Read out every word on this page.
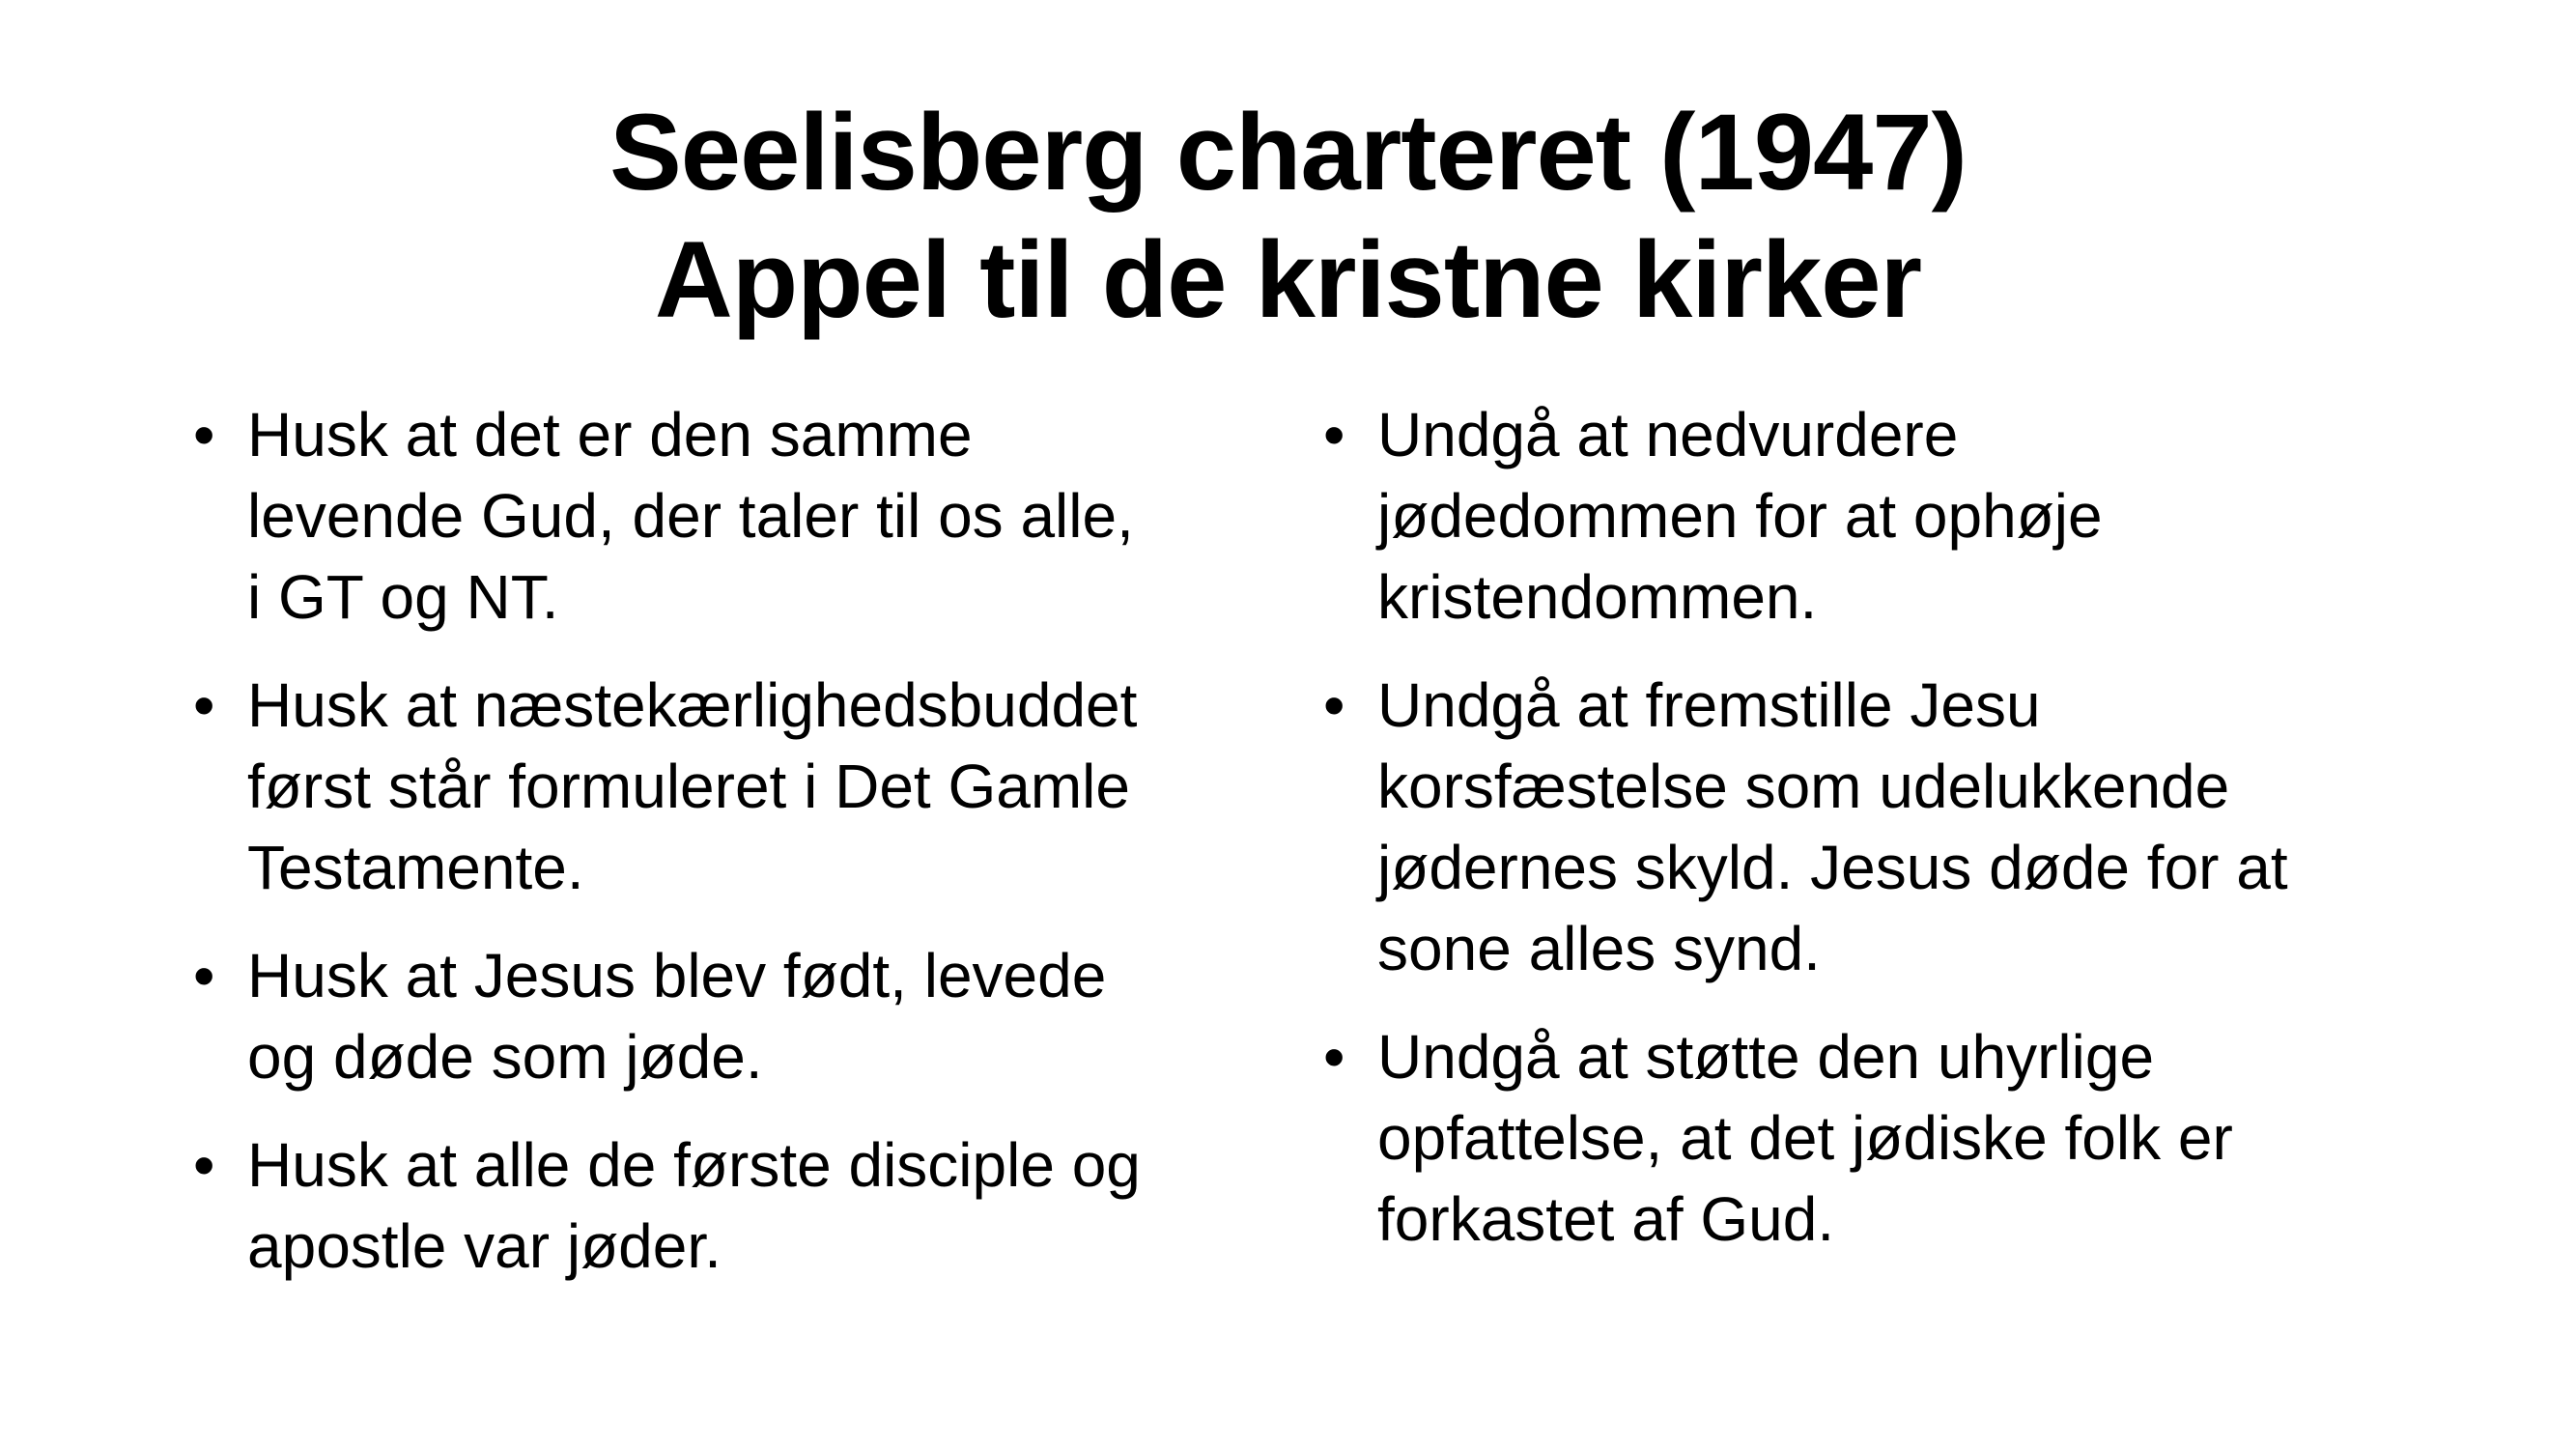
Seelisberg charteret (1947)
Appel til de kristne kirker
• Husk at det er den samme
levende Gud, der taler til os alle,
i GT og NT.
• Husk at næstekærlighedsbuddet
først står formuleret i Det Gamle
Testamente.
• Husk at Jesus blev født, levede
og døde som jøde.
• Husk at alle de første disciple og
apostle var jøder.
• Undgå at nedvurdere
jødedommen for at ophøje
kristendommen.
• Undgå at fremstille Jesu
korsfæstelse som udelukkende
jødernes skyld. Jesus døde for at
sone alles synd.
• Undgå at støtte den uhyrlige
opfattelse, at det jødiske folk er
forkastet af Gud.
